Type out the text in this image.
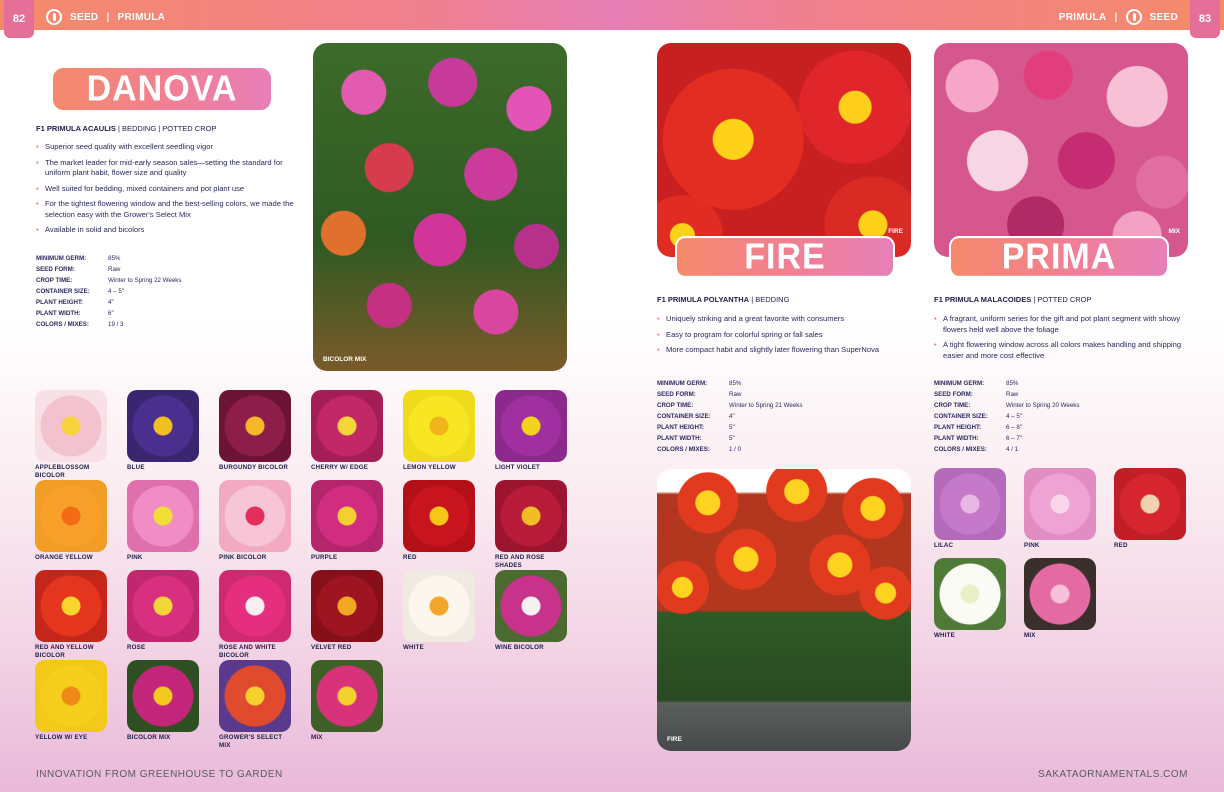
82	83
SEED | PRIMULA	PRIMULA |	SEED
DANOVA
F1 PRIMULA ACAULIS | BEDDING | POTTED CROP
• Superior seed quality with excellent seedling vigor
• The market leader for mid-early season sales—setting the standard for uniform plant habit, flower size and quality
• Well suited for bedding, mixed containers and pot plant use
• For the tightest flowering window and the best-selling colors, we made the selection easy with the Grower's Select Mix
• Available in solid and bicolors
MINIMUM GERM:	85%
SEED FORM:	Raw
CROP TIME:	Winter to Spring 22 Weeks
CONTAINER SIZE:	4 – 5"
PLANT HEIGHT:	4"
PLANT WIDTH:	6"
COLORS / MIXES:	19 / 3
BICOLOR MIX
APPLEBLOSSOM BICOLOR
BLUE	BURGUNDY BICOLOR	CHERRY W/ EDGE	LEMON YELLOW	LIGHT VIOLET
ORANGE YELLOW	PINK	PINK BICOLOR	PURPLE	RED	RED AND ROSE SHADES
RED AND YELLOW BICOLOR
ROSE	ROSE AND WHITE BICOLOR
VELVET RED	WHITE	WINE BICOLOR
YELLOW W/ EYE	BICOLOR MIX	GROWER'S SELECT MIX
MIX
FIRE
FIRE
F1 PRIMULA POLYANTHA | BEDDING
• Uniquely striking and a great favorite with consumers
• Easy to program for colorful spring or fall sales
• More compact habit and slightly later flowering than SuperNova
MINIMUM GERM:	85%
SEED FORM:	Raw
CROP TIME:	Winter to Spring 21 Weeks
CONTAINER SIZE:	4"
PLANT HEIGHT:	5"
PLANT WIDTH:	5"
COLORS / MIXES:	1 / 0
FIRE
MIX
PRIMA
F1 PRIMULA MALACOIDES | POTTED CROP
• A fragrant, uniform series for the gift and pot plant segment with showy flowers held well above the foliage
• A tight flowering window across all colors makes handling and shipping easier and more cost effective
MINIMUM GERM:	85%
SEED FORM:	Raw
CROP TIME:	Winter to Spring 20 Weeks
CONTAINER SIZE:	4 – 5"
PLANT HEIGHT:	6 – 8"
PLANT WIDTH:	6 – 7"
COLORS / MIXES:	4 / 1
LILAC	PINK	RED
WHITE	MIX
INNOVATION FROM GREENHOUSE TO GARDEN	SAKATAORNAMENTALS.COM
